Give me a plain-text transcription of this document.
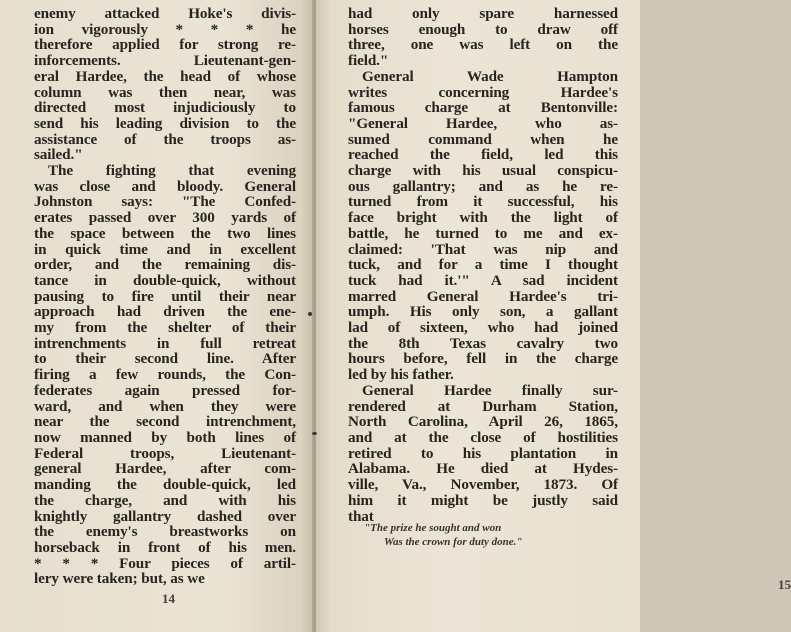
enemy attacked Hoke's divis-
ion vigorously * * * he
therefore applied for strong re-
inforcements. Lieutenant-gen-
eral Hardee, the head of whose
column was then near, was
directed most injudiciously to
send his leading division to the
assistance of the troops as-
sailed."
The fighting that evening
was close and bloody. General
Johnston says: "The Confed-
erates passed over 300 yards of
the space between the two lines
in quick time and in excellent
order, and the remaining dis-
tance in double-quick, without
pausing to fire until their near
approach had driven the ene-
my from the shelter of their
intrenchments in full retreat
to their second line. After
firing a few rounds, the Con-
federates again pressed for-
ward, and when they were
near the second intrenchment,
now manned by both lines of
Federal troops, Lieutenant-
general Hardee, after com-
manding the double-quick, led
the charge, and with his
knightly gallantry dashed over
the enemy's breastworks on
horseback in front of his men.
* * * Four pieces of artil-
lery were taken; but, as we
14
had only spare harnessed
horses enough to draw off
three, one was left on the
field."
General Wade Hampton
writes concerning Hardee's
famous charge at Bentonville:
"General Hardee, who as-
sumed command when he
reached the field, led this
charge with his usual conspicu-
ous gallantry; and as he re-
turned from it successful, his
face bright with the light of
battle, he turned to me and ex-
claimed: 'That was nip and
tuck, and for a time I thought
tuck had it.'" A sad incident
marred General Hardee's tri-
umph. His only son, a gallant
lad of sixteen, who had joined
the 8th Texas cavalry two
hours before, fell in the charge
led by his father.
General Hardee finally sur-
rendered at Durham Station,
North Carolina, April 26, 1865,
and at the close of hostilities
retired to his plantation in
Alabama. He died at Hydes-
ville, Va., November, 1873. Of
him it might be justly said
that
"The prize he sought and won
Was the crown for duty done."
15
